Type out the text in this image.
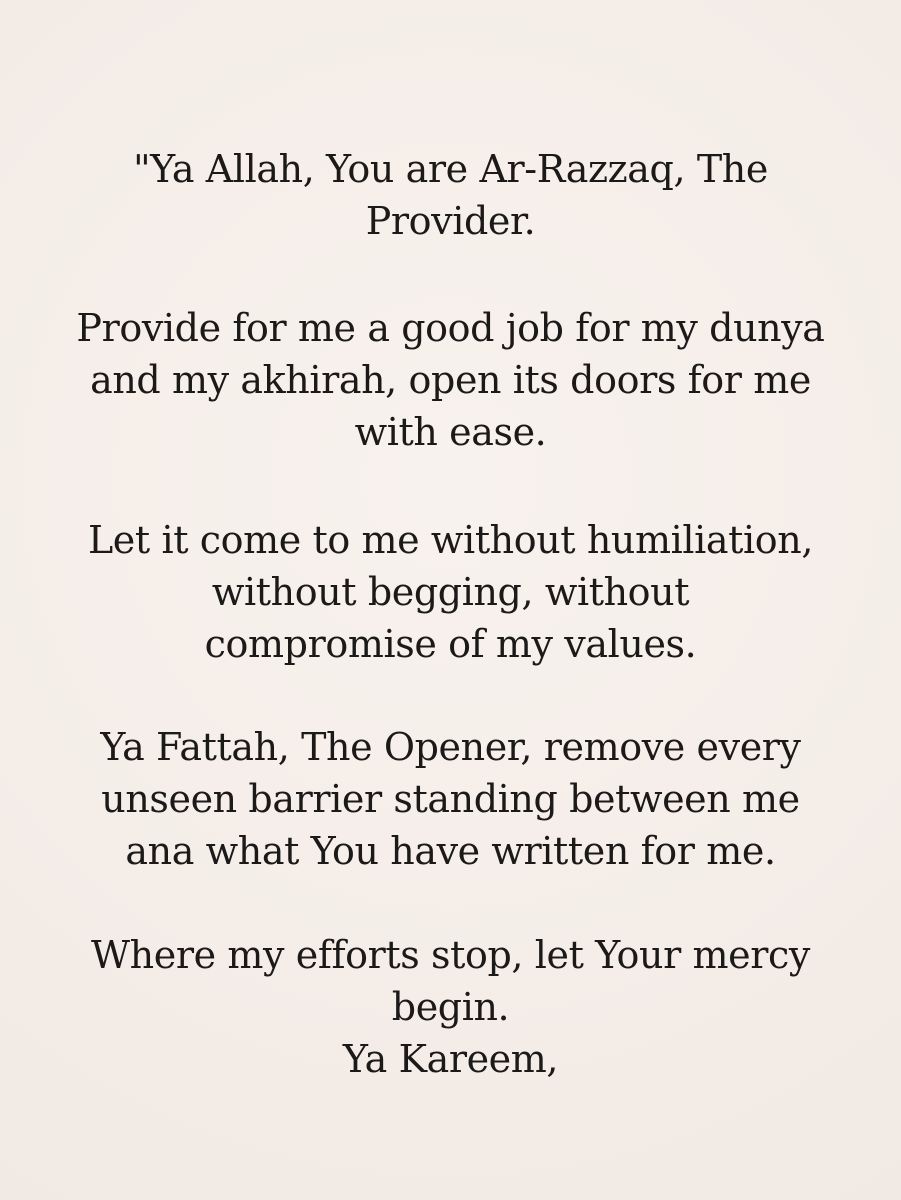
"Ya Allah, You are Ar-Razzaq, The
Provider.
Provide for me a good job for my dunya
and my akhirah, open its doors for me
with ease.
Let it come to me without humiliation,
without begging, without
compromise of my values.
Ya Fattah, The Opener, remove every
unseen barrier standing between me
ana what You have written for me.
Where my efforts stop, let Your mercy
begin.
Ya Kareem,
